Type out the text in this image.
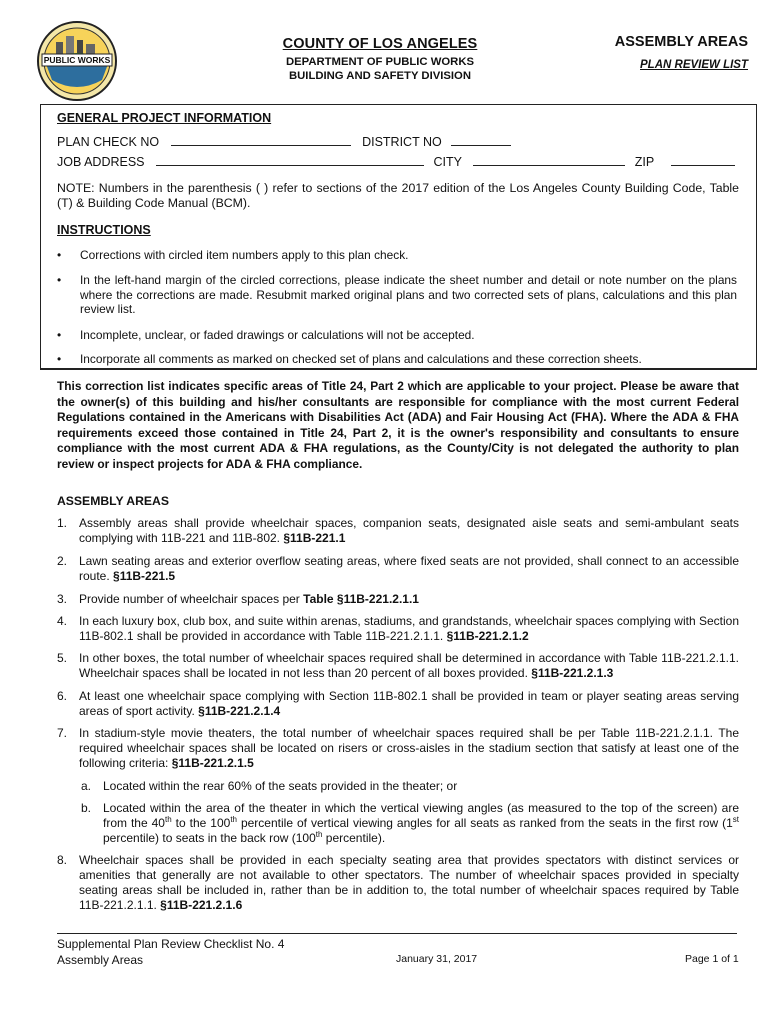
PUBLIC WORKS
COUNTY OF LOS ANGELES
DEPARTMENT OF PUBLIC WORKS
BUILDING AND SAFETY DIVISION
ASSEMBLY AREAS
PLAN REVIEW LIST
GENERAL PROJECT INFORMATION
PLAN CHECK NO	DISTRICT NO
JOB ADDRESS	CITY	ZIP
NOTE: Numbers in the parenthesis ( ) refer to sections of the 2017 edition of the Los Angeles County Building Code, Table (T) & Building Code Manual (BCM).
INSTRUCTIONS
• Corrections with circled item numbers apply to this plan check.
• In the left-hand margin of the circled corrections, please indicate the sheet number and detail or note number on the plans where the corrections are made. Resubmit marked original plans and two corrected sets of plans, calculations and this plan review list.
• Incomplete, unclear, or faded drawings or calculations will not be accepted.
• Incorporate all comments as marked on checked set of plans and calculations and these correction sheets.
This correction list indicates specific areas of Title 24, Part 2 which are applicable to your project. Please be aware that the owner(s) of this building and his/her consultants are responsible for compliance with the most current Federal Regulations contained in the Americans with Disabilities Act (ADA) and Fair Housing Act (FHA). Where the ADA & FHA requirements exceed those contained in Title 24, Part 2, it is the owner's responsibility and consultants to ensure compliance with the most current ADA & FHA regulations, as the County/City is not delegated the authority to plan review or inspect projects for ADA & FHA compliance.
ASSEMBLY AREAS
1. Assembly areas shall provide wheelchair spaces, companion seats, designated aisle seats and semi-ambulant seats complying with 11B-221 and 11B-802. §11B-221.1
2. Lawn seating areas and exterior overflow seating areas, where fixed seats are not provided, shall connect to an accessible route. §11B-221.5
3. Provide number of wheelchair spaces per Table §11B-221.2.1.1
4. In each luxury box, club box, and suite within arenas, stadiums, and grandstands, wheelchair spaces complying with Section 11B-802.1 shall be provided in accordance with Table 11B-221.2.1.1. §11B-221.2.1.2
5. In other boxes, the total number of wheelchair spaces required shall be determined in accordance with Table 11B-221.2.1.1. Wheelchair spaces shall be located in not less than 20 percent of all boxes provided. §11B-221.2.1.3
6. At least one wheelchair space complying with Section 11B-802.1 shall be provided in team or player seating areas serving areas of sport activity. §11B-221.2.1.4
7. In stadium-style movie theaters, the total number of wheelchair spaces required shall be per Table 11B-221.2.1.1. The required wheelchair spaces shall be located on risers or cross-aisles in the stadium section that satisfy at least one of the following criteria: §11B-221.2.1.5
a. Located within the rear 60% of the seats provided in the theater; or
b. Located within the area of the theater in which the vertical viewing angles (as measured to the top of the screen) are from the 40th to the 100th percentile of vertical viewing angles for all seats as ranked from the seats in the first row (1st percentile) to seats in the back row (100th percentile).
8. Wheelchair spaces shall be provided in each specialty seating area that provides spectators with distinct services or amenities that generally are not available to other spectators. The number of wheelchair spaces provided in specialty seating areas shall be included in, rather than be in addition to, the total number of wheelchair spaces required by Table 11B-221.2.1.1. §11B-221.2.1.6
Supplemental Plan Review Checklist No. 4
Assembly Areas	January 31, 2017	Page 1 of 1
